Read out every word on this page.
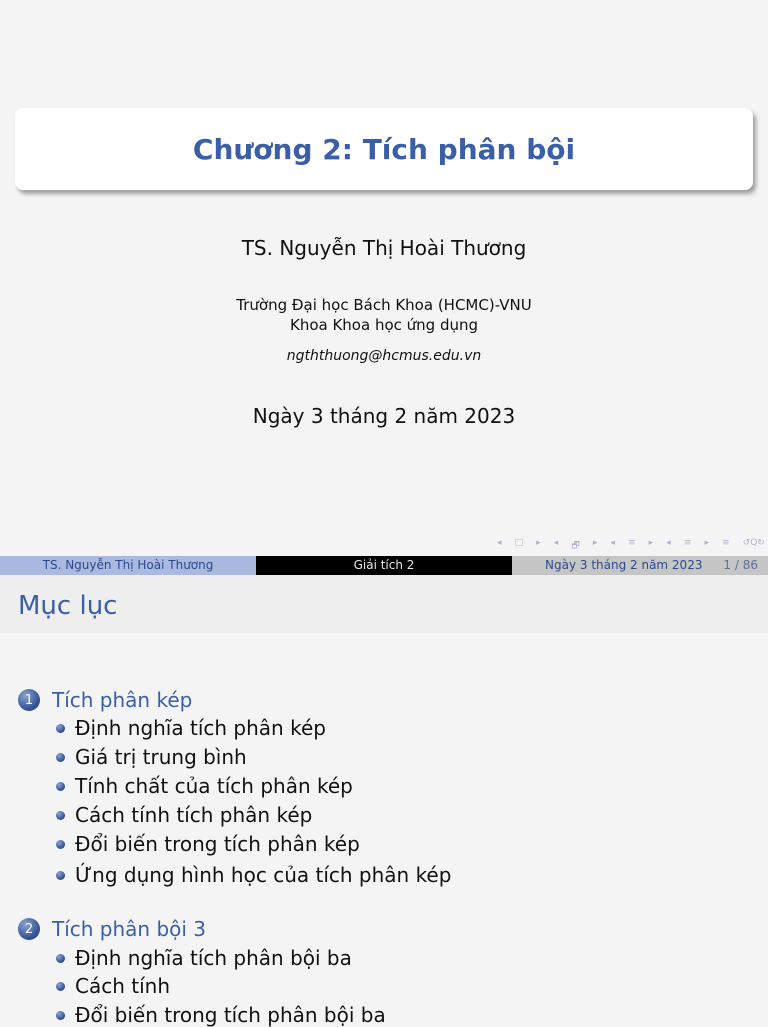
Chương 2: Tích phân bội
TS. Nguyễn Thị Hoài Thương
Trường Đại học Bách Khoa (HCMC)-VNU
Khoa Khoa học ứng dụng
ngththuong@hcmus.edu.vn
Ngày 3 tháng 2 năm 2023
◂ □ ▸ ◂ 🗗 ▸ ◂ ≡ ▸ ◂ ≡ ▸ ≡ ↺Q↻
TS. Nguyễn Thị Hoài Thương	Giải tích 2	Ngày 3 tháng 2 năm 2023 1 / 86
Mục lục
1 Tích phân kép
Định nghĩa tích phân kép
Giá trị trung bình
Tính chất của tích phân kép
Cách tính tích phân kép
Đổi biến trong tích phân kép
Ứng dụng hình học của tích phân kép
2 Tích phân bội 3
Định nghĩa tích phân bội ba
Cách tính
Đổi biến trong tích phân bội ba
